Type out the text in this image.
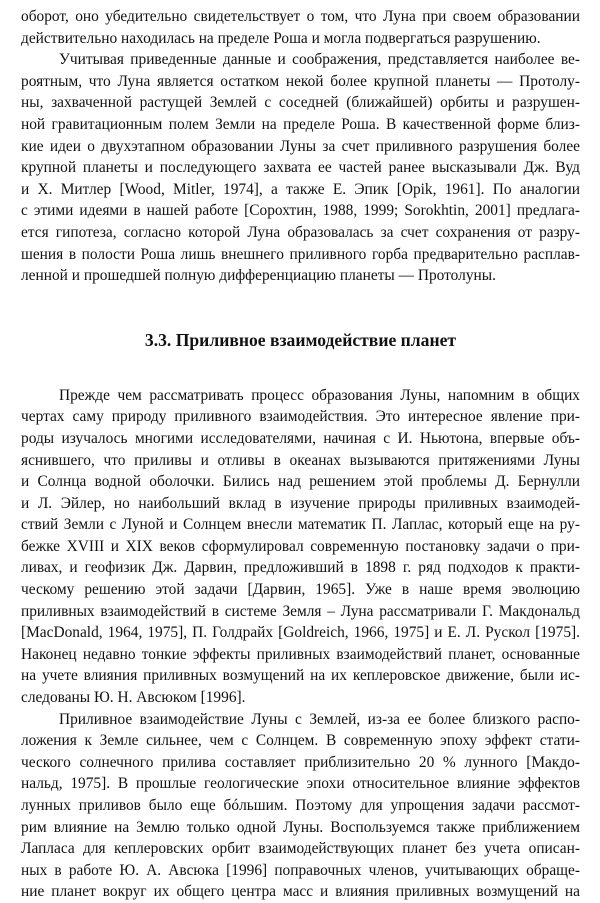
оборот, оно убедительно свидетельствует о том, что Луна при своем образовании
действительно находилась на пределе Роша и могла подвергаться разрушению.
Учитывая приведенные данные и соображения, представляется наиболее ве-
роятным, что Луна является остатком некой более крупной планеты — Протолу-
ны, захваченной растущей Землей с соседней (ближайшей) орбиты и разрушен-
ной гравитационным полем Земли на пределе Роша. В качественной форме близ-
кие идеи о двухэтапном образовании Луны за счет приливного разрушения более
крупной планеты и последующего захвата ее частей ранее высказывали Дж. Вуд
и Х. Митлер [Wood, Mitler, 1974], а также Е. Эпик [Opik, 1961]. По аналогии
с этими идеями в нашей работе [Сорохтин, 1988, 1999; Sorokhtin, 2001] предлага-
ется гипотеза, согласно которой Луна образовалась за счет сохранения от разру-
шения в полости Роша лишь внешнего приливного горба предварительно расплав-
ленной и прошедшей полную дифференциацию планеты — Протолуны.
3.3. Приливное взаимодействие планет
Прежде чем рассматривать процесс образования Луны, напомним в общих
чертах саму природу приливного взаимодействия. Это интересное явление при-
роды изучалось многими исследователями, начиная с И. Ньютона, впервые объ-
яснившего, что приливы и отливы в океанах вызываются притяжениями Луны
и Солнца водной оболочки. Бились над решением этой проблемы Д. Бернулли
и Л. Эйлер, но наибольший вклад в изучение природы приливных взаимодей-
ствий Земли с Луной и Солнцем внесли математик П. Лаплас, который еще на ру-
бежке XVIII и XIX веков сформулировал современную постановку задачи о при-
ливах, и геофизик Дж. Дарвин, предложивший в 1898 г. ряд подходов к практи-
ческому решению этой задачи [Дарвин, 1965]. Уже в наше время эволюцию
приливных взаимодействий в системе Земля – Луна рассматривали Г. Макдональд
[MacDonald, 1964, 1975], П. Голдрайх [Goldreich, 1966, 1975] и Е. Л. Рускол [1975].
Наконец недавно тонкие эффекты приливных взаимодействий планет, основанные
на учете влияния приливных возмущений на их кеплеровское движение, были ис-
следованы Ю. Н. Авсюком [1996].
Приливное взаимодействие Луны с Землей, из-за ее более близкого распо-
ложения к Земле сильнее, чем с Солнцем. В современную эпоху эффект стати-
ческого солнечного прилива составляет приблизительно 20 % лунного [Макдо-
нальд, 1975]. В прошлые геологические эпохи относительное влияние эффектов
лунных приливов было еще бóльшим. Поэтому для упрощения задачи рассмот-
рим влияние на Землю только одной Луны. Воспользуемся также приближением
Лапласа для кеплеровских орбит взаимодействующих планет без учета описан-
ных в работе Ю. А. Авсюка [1996] поправочных членов, учитывающих обраще-
ние планет вокруг их общего центра масс и влияния приливных возмущений на
